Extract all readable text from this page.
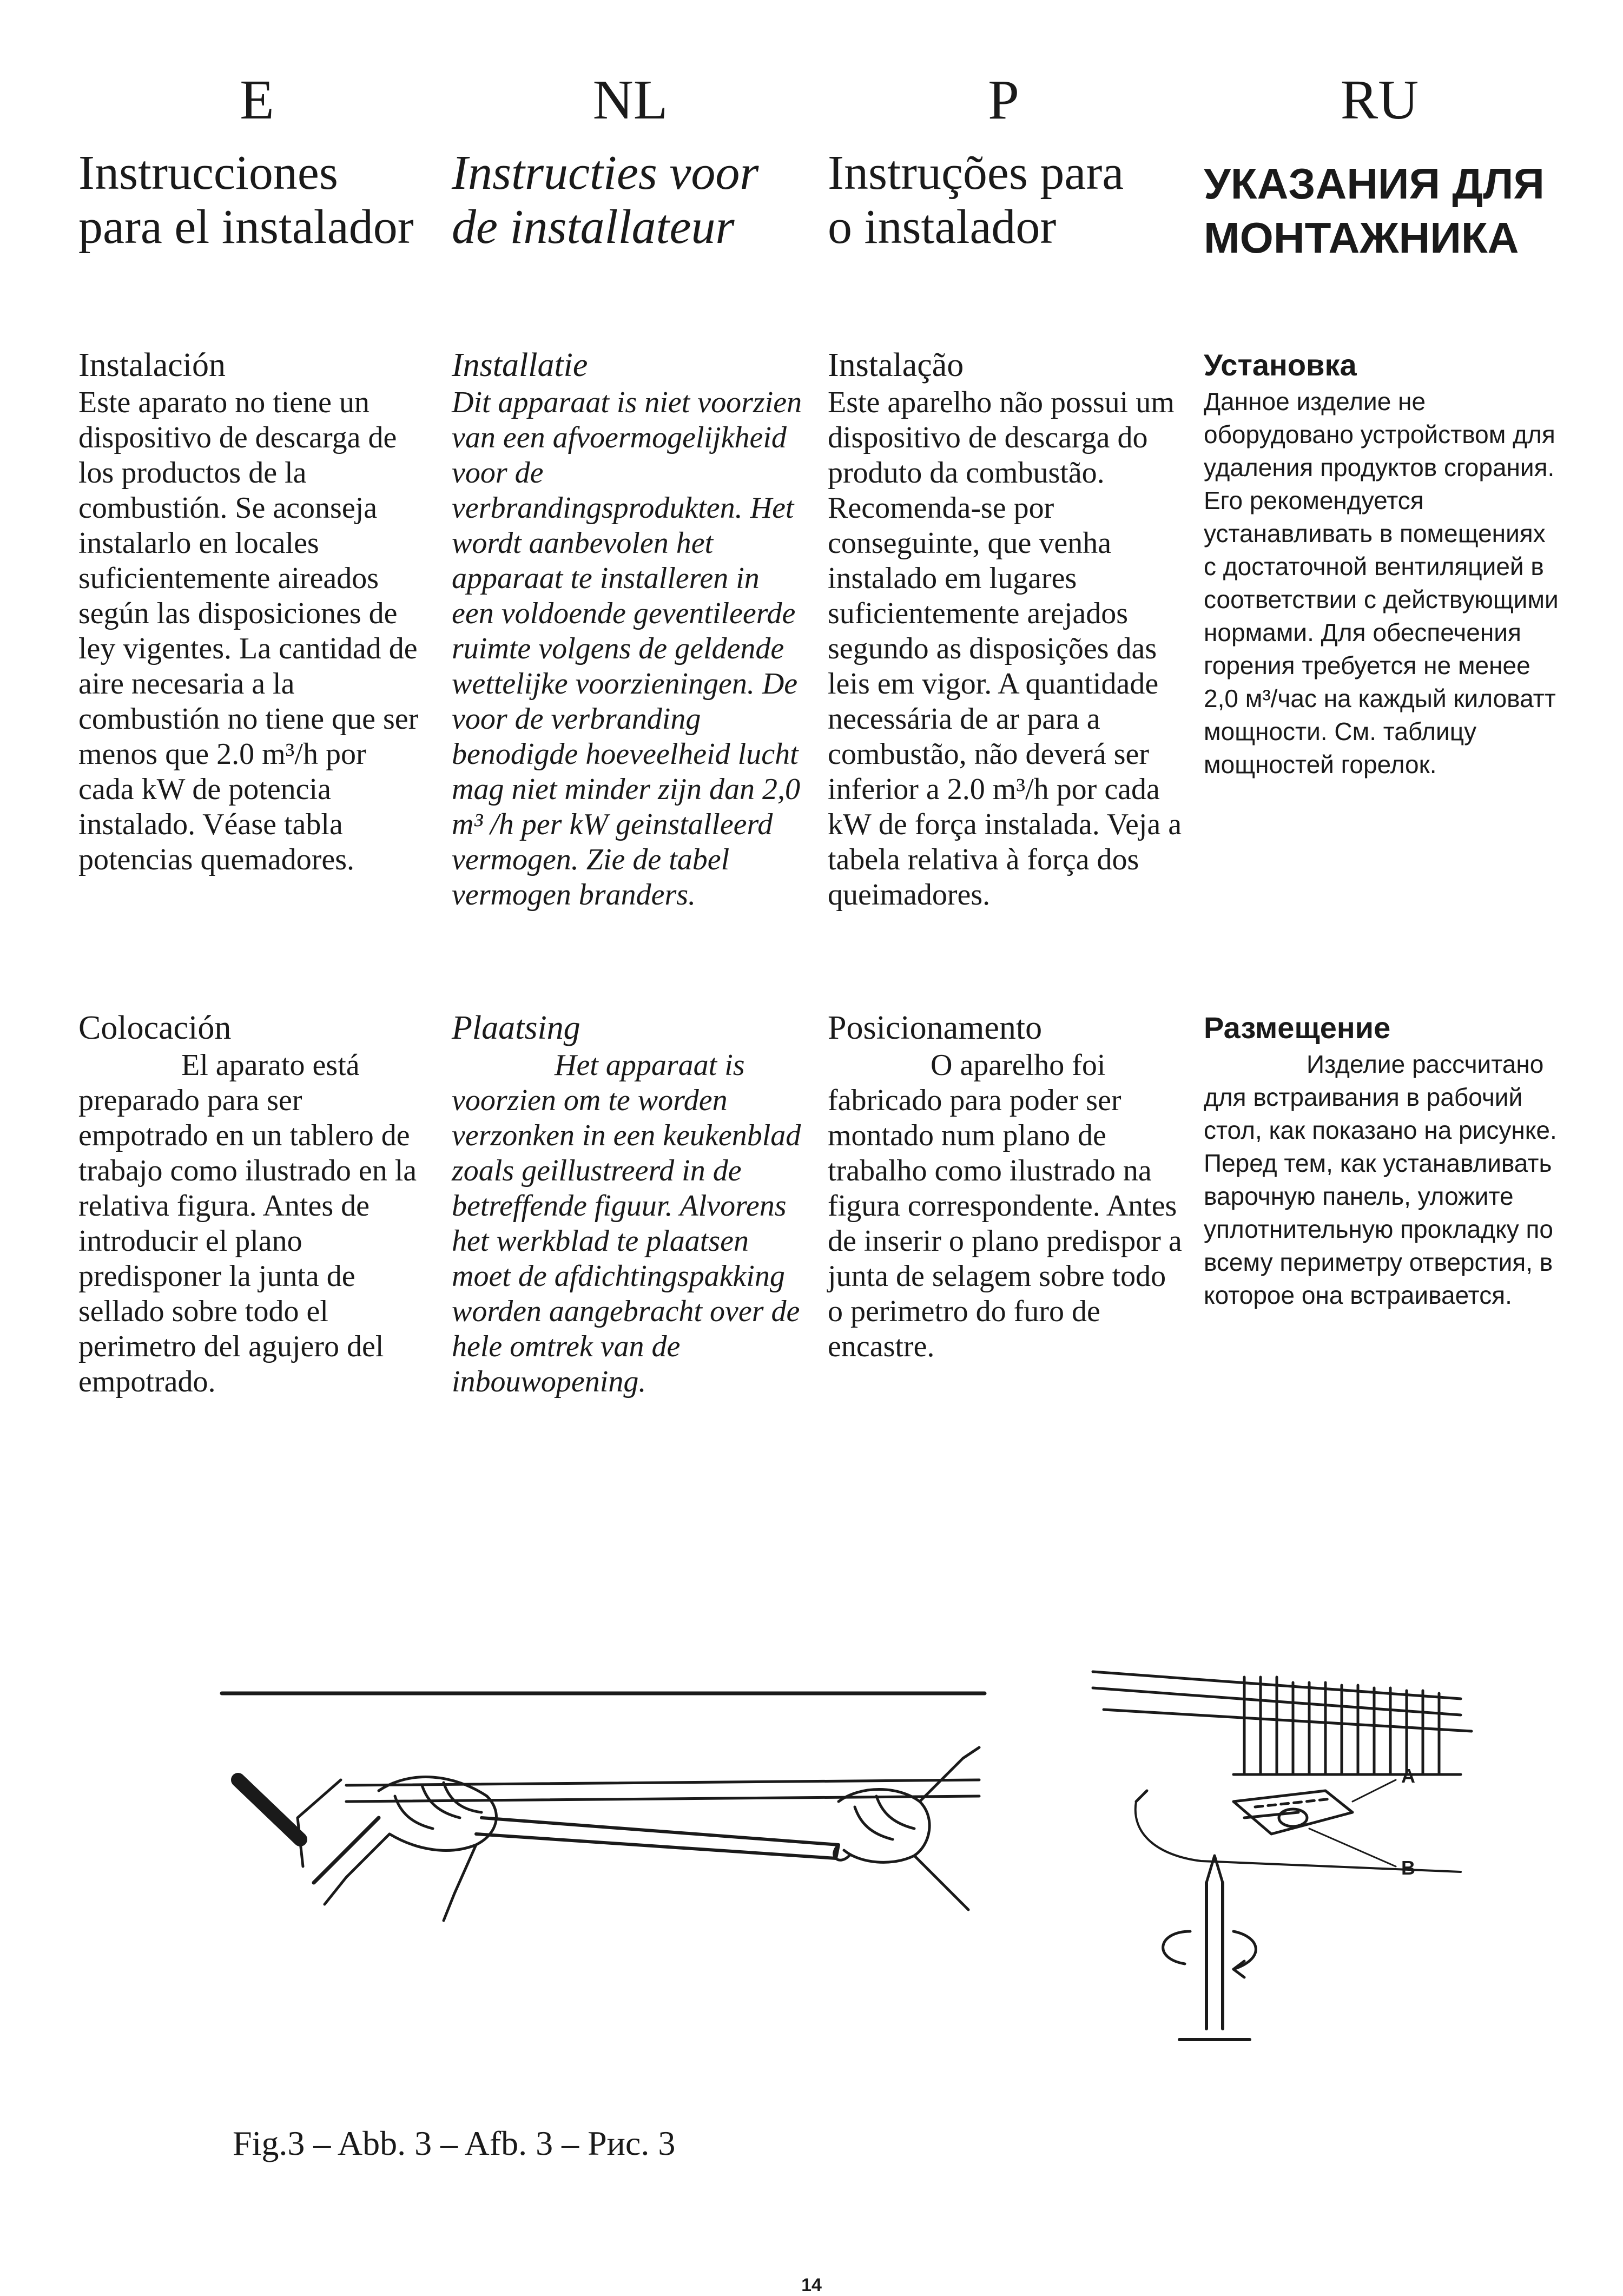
E	NL	P	RU
Instrucciones para el instalador
Instructies voor de installateur
Instruções para o instalador
УКАЗАНИЯ ДЛЯ МОНТАЖНИКА
Instalación

Este aparato no tiene un dispositivo de descarga de los productos de la combustión. Se aconseja instalarlo en locales suficientemente aireados según las disposiciones de ley vigentes. La cantidad de aire necesaria a la combustión no tiene que ser menos que 2.0 m³/h por cada kW de potencia instalado. Véase tabla potencias quemadores.

Installatie

Dit apparaat is niet voorzien van een afvoermogelijkheid voor de verbrandingsprodukten. Het wordt aanbevolen het apparaat te installeren in een voldoende geventileerde ruimte volgens de geldende wettelijke voorzieningen. De voor de verbranding benodigde hoeveelheid lucht mag niet minder zijn dan 2,0 m³ /h per kW geinstalleerd vermogen. Zie de tabel vermogen branders.

Instalação

Este aparelho não possui um dispositivo de descarga do produto da combustão. Recomenda-se por conseguinte, que venha instalado em lugares suficientemente arejados segundo as disposições das leis em vigor. A quantidade necessária de ar para a combustão, não deverá ser inferior a 2.0 m³/h por cada kW de força instalada. Veja a tabela relativa à força dos queimadores.

Установка

Данное изделие не оборудовано устройством для удаления продуктов сгорания. Его рекомендуется устанавливать в помещениях с достаточной вентиляцией в соответствии с действующими нормами. Для обеспечения горения требуется не менее 2,0 м³/час на каждый киловатт мощности. См. таблицу мощностей горелок.

Colocación

El aparato está preparado para ser empotrado en un tablero de trabajo como ilustrado en la relativa figura. Antes de introducir el plano predisponer la junta de sellado sobre todo el perimetro del agujero del empotrado.

Plaatsing

Het apparaat is voorzien om te worden verzonken in een keukenblad zoals geillustreerd in de betreffende figuur. Alvorens het werkblad te plaatsen moet de afdichtingspakking worden aangebracht over de hele omtrek van de inbouwopening.

Posicionamento

O aparelho foi fabricado para poder ser montado num plano de trabalho como ilustrado na figura correspondente. Antes de inserir o plano predispor a junta de selagem sobre todo o perimetro do furo de encastre.

Размещение

Изделие рассчитано для встраивания в рабочий стол, как показано на рисунке. Перед тем, как устанавливать варочную панель, уложите уплотнительную прокладку по всему периметру отверстия, в которое она встраивается.

A
B
Fig.3 – Abb. 3 – Afb. 3 – Рис. 3
14
